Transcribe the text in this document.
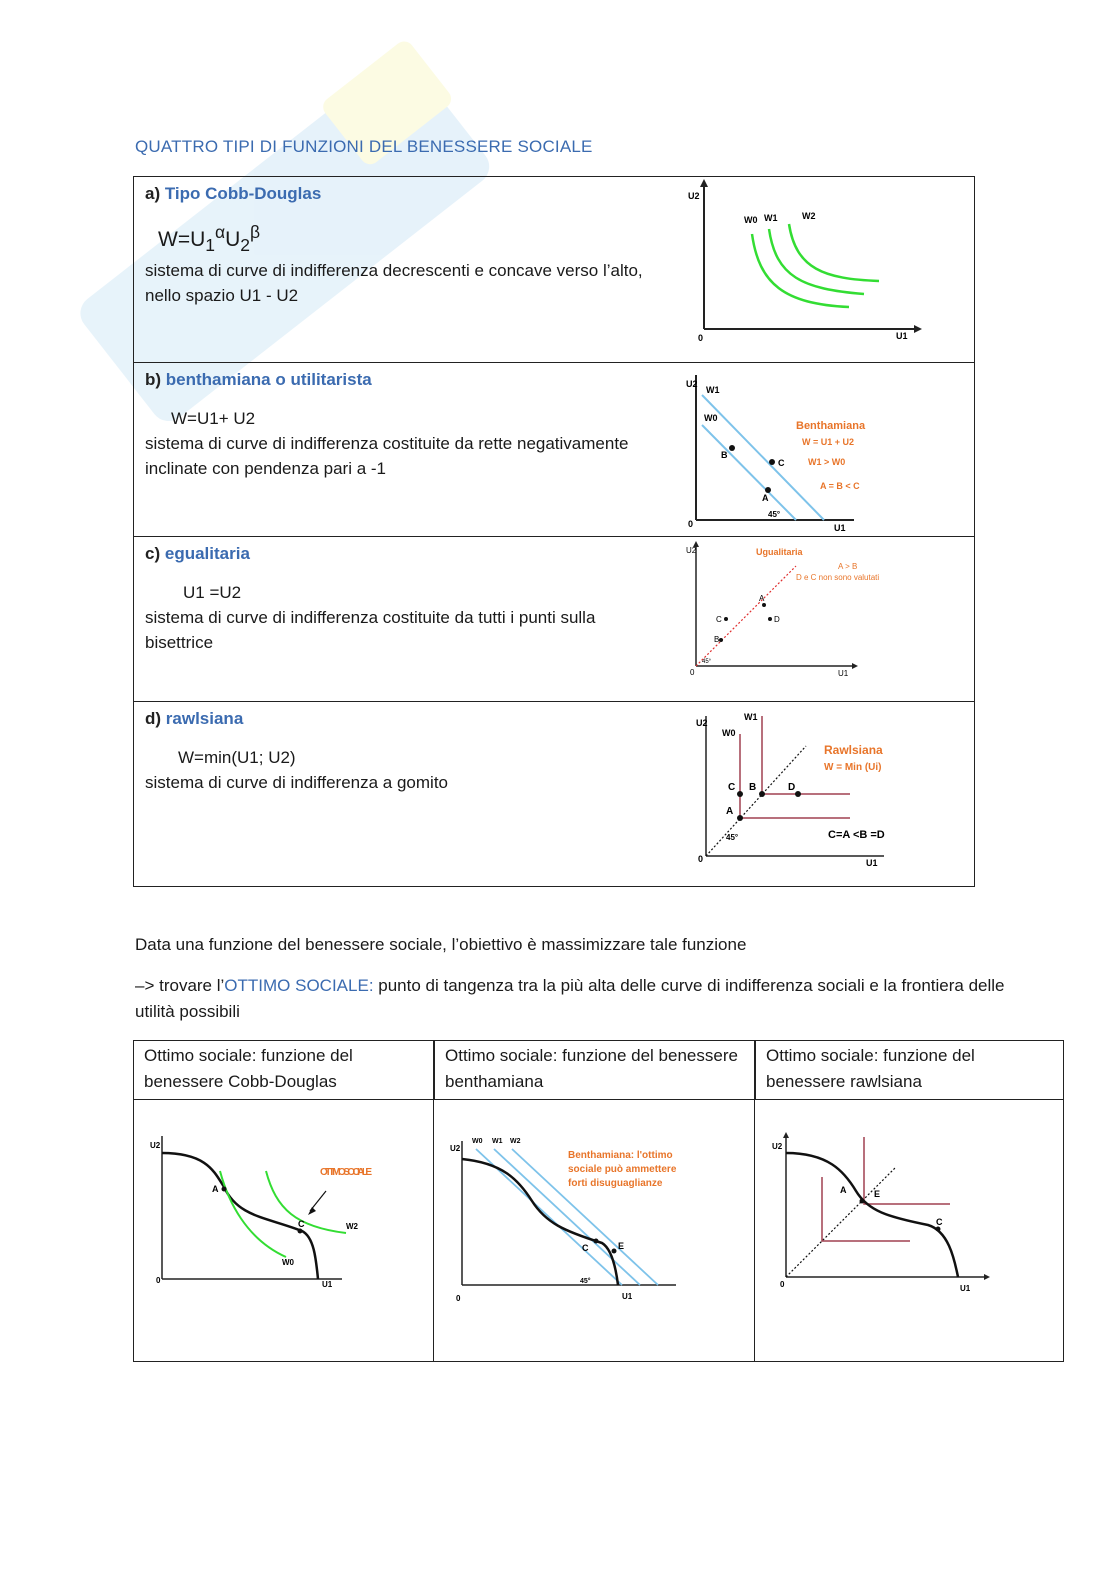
QUATTRO TIPI DI FUNZIONI DEL BENESSERE SOCIALE
a) Tipo Cobb-Douglas
$W=U_1^\alpha U_2^\beta$
sistema di curve di indifferenza decrescenti e concave verso l’alto, nello spazio U1 - U2
U2
U1
0
W0 W1	W2
b) benthamiana o utilitarista
W=U1+ U2
sistema di curve di indifferenza costituite da rette negativamente inclinate con pendenza pari a -1
U2
U1
0
W1
W0
B
C
A
45°
Benthamiana
W = U1 + U2
W1 > W0
A = B < C
c) egualitaria
U1 =U2
sistema di curve di indifferenza costituite da tutti i punti sulla bisettrice
U2
U1
0
A
B
C	D
45°
Ugualitaria
A > B
D e C non sono valutati
d) rawlsiana
W=min(U1; U2)
sistema di curve di indifferenza a gomito
U2
U1
0
W1
W0
C B	D
A
45°
Rawlsiana
W = Min (Ui)
C=A <B =D
Data una funzione del benessere sociale, l’obiettivo è massimizzare tale funzione
–> trovare l’OTTIMO SOCIALE: punto di tangenza tra la più alta delle curve di indifferenza sociali e la frontiera delle utilità possibili
Ottimo sociale: funzione del benessere Cobb-Douglas
Ottimo sociale: funzione del benessere benthamiana
Ottimo sociale: funzione del benessere rawlsiana
U2
U1
0
A
C
W0
W2
OTTIMO SOCIALE
U2
U1
0
W0 W1 W2
C	E
45°
Benthamiana: l'ottimo sociale può ammettere forti disuguaglianze
U2
U1
0
A	E
C
